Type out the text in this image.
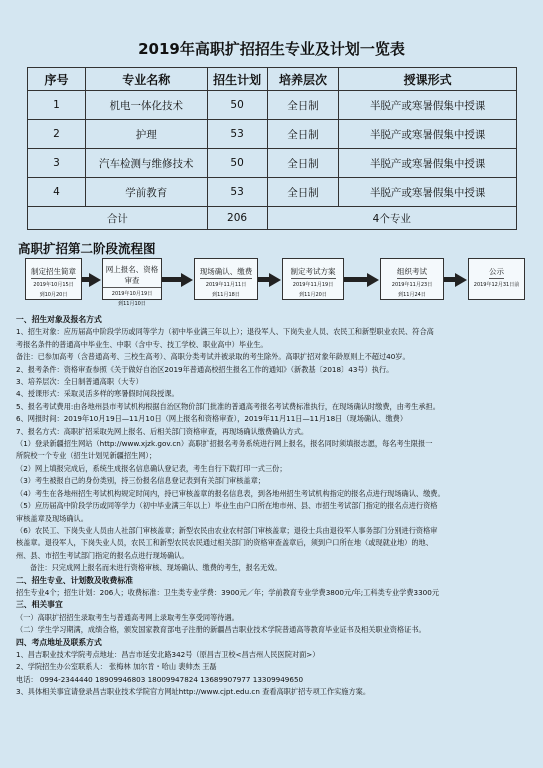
2019年高职扩招招生专业及计划一览表
序号	专业名称	招生计划	培养层次	授课形式
1	机电一体化技术	50	全日制	半脱产或寒暑假集中授课
2	护理	53	全日制	半脱产或寒暑假集中授课
3	汽车检测与维修技术	50	全日制	半脱产或寒暑假集中授课
4	学前教育	53	全日制	半脱产或寒暑假集中授课
合计		206	4个专业	
高职扩招第二阶段流程图
制定招生简章
2019年10月15日
到10月20日
网上报名、资格审查
2019年10月19日
到11月10日
现场确认、缴费
2019年11月11日
到11月18日
制定考试方案
2019年11月19日
到11月20日
组织考试
2019年11月23日
到11月24日
公示
2019年12月31日前

一、招生对象及报名方式

1、招生对象：应历届高中阶段学历或同等学力（初中毕业满三年以上）；退役军人、下岗失业人员、农民工和新型职业农民、符合高

考报名条件的普通高中毕业生、中职（含中专、技工学校、职业高中）毕业生。

备注：已参加高考（含普通高考、三校生高考）、高职分类考试并被录取的考生除外。高职扩招对象年龄原则上不超过40岁。

2、报考条件：资格审查参照《关于做好自治区2019年普通高校招生报名工作的通知》（新教基〔2018〕43号）执行。

3、培养层次：全日制普通高职（大专）

4、授课形式：采取灵活多样的寒暑假时间段授课。

5、报名考试费用:由各地州县市考试机构根据自治区物价部门批准的普通高考报名考试费标准执行，在现场确认时缴费，由考生承担。

6、网报时间：2019年10月19日—11月10日（网上报名和资格审查），2019年11月11日—11月18日（现场确认、缴费）

7、报名方式：高职扩招采取先网上报名、后相关部门资格审查，再现场确认缴费确认方式。

（1）登录新疆招生网站（http://www.xjzk.gov.cn）高职扩招报名考务系统进行网上报名，报名同时须填报志愿，每名考生限报一

所院校一个专业（招生计划见新疆招生网）；

（2）网上填报完成后，系统生成报名信息确认登记表，考生自行下载打印一式三份；

（3）考生被报自己的身份类别，持三份报名信息登记表到有关部门审核盖章；

（4）考生在各地州招生考试机构规定时间内，持已审核盖章的报名信息表，到各地州招生考试机构指定的报名点进行现场确认、缴费。

（5）应历届高中阶段学历或同等学力（初中毕业满三年以上）毕业生由户口所在地市州、县、市招生考试部门指定的报名点进行资格

审核盖章及现场确认。

（6）农民工、下岗失业人员由人社部门审核盖章；新型农民由农业农村部门审核盖章；退役士兵由退役军人事务部门分别进行资格审

核盖章。退役军人，下岗失业人员，农民工和新型农民农民通过相关部门的资格审查盖章后，须到户口所在地（或现就业地）的地、

州、县、市招生考试部门指定的报名点进行现场确认。

备注：只完成网上报名而未进行资格审核、现场确认、缴费的考生，报名无效。

二、招生专业、计划数及收费标准

招生专业4个；招生计划：206人；收费标准：卫生类专业学费：3900元／年；学前教育专业学费3800元/年;工科类专业学费3300元

三、相关事宜

（一）高职扩招招生录取考生与普通高考网上录取考生享受同等待遇。

（二）学生学习期满，成绩合格，颁发国家教育部电子注册的新疆昌吉职业技术学院普通高等教育毕业证书及相关职业资格证书。

四、考点地址及联系方式

1、昌吉职业技术学院考点地址：昌吉市延安北路342号（原昌吉卫校<昌吉州人民医院对面>）

2、学院招生办公室联系人： 张梅林 加尔肯・哈山 裴帅杰 王磊

电话： 0994-2344440 18909946803 18009947824 13689907977 13309949650

3、具体相关事宜请登录昌吉职业技术学院官方网址http://www.cjpt.edu.cn 查看高职扩招专项工作实施方案。
